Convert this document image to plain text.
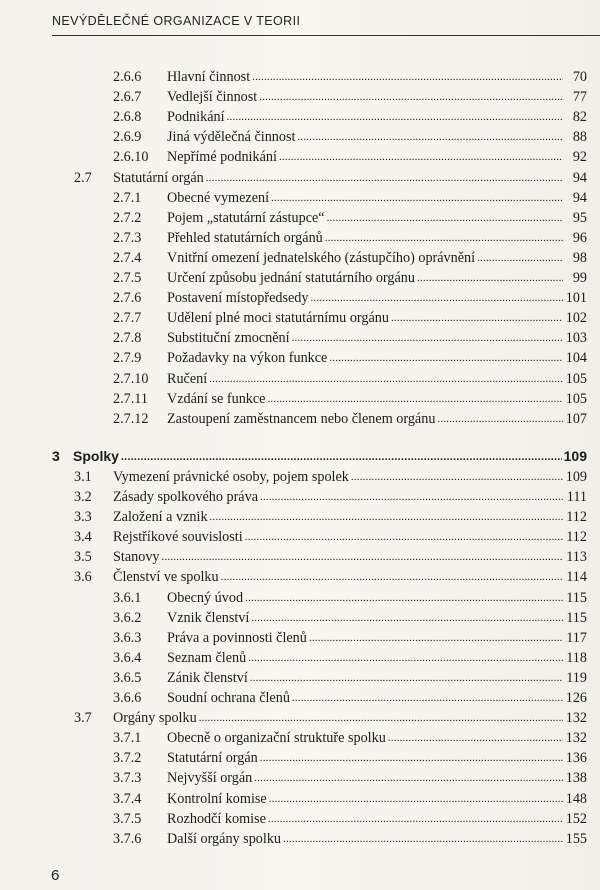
NEVÝDĚLEČNÉ ORGANIZACE V TEORII
2.6.6 Hlavní činnost .....	70
2.6.7 Vedlejší činnost .....	77
2.6.8 Podnikání .....	82
2.6.9 Jiná výdělečná činnost .....	88
2.6.10 Nepřímé podnikání .....	92
2.7 Statutární orgán .....	94
2.7.1 Obecné vymezení .....	94
2.7.2 Pojem „statutární zástupce“ .....	95
2.7.3 Přehled statutárních orgánů .....	96
2.7.4 Vnitřní omezení jednatelského (zástupčího) oprávnění .....	98
2.7.5 Určení způsobu jednání statutárního orgánu .....	99
2.7.6 Postavení místopředsedy .....	101
2.7.7 Udělení plné moci statutárnímu orgánu .....	102
2.7.8 Substituční zmocnění .....	103
2.7.9 Požadavky na výkon funkce .....	104
2.7.10 Ručení .....	105
2.7.11 Vzdání se funkce .....	105
2.7.12 Zastoupení zaměstnancem nebo členem orgánu .....	107
3 Spolky .....	109
3.1 Vymezení právnické osoby, pojem spolek .....	109
3.2 Zásady spolkového práva .....	111
3.3 Založení a vznik .....	112
3.4 Rejstříkové souvislosti .....	112
3.5 Stanovy .....	113
3.6 Členství ve spolku .....	114
3.6.1 Obecný úvod .....	115
3.6.2 Vznik členství .....	115
3.6.3 Práva a povinnosti členů .....	117
3.6.4 Seznam členů .....	118
3.6.5 Zánik členství .....	119
3.6.6 Soudní ochrana členů .....	126
3.7 Orgány spolku .....	132
3.7.1 Obecně o organizační struktuře spolku .....	132
3.7.2 Statutární orgán .....	136
3.7.3 Nejvyšší orgán .....	138
3.7.4 Kontrolní komise .....	148
3.7.5 Rozhodčí komise .....	152
3.7.6 Další orgány spolku .....	155
6
